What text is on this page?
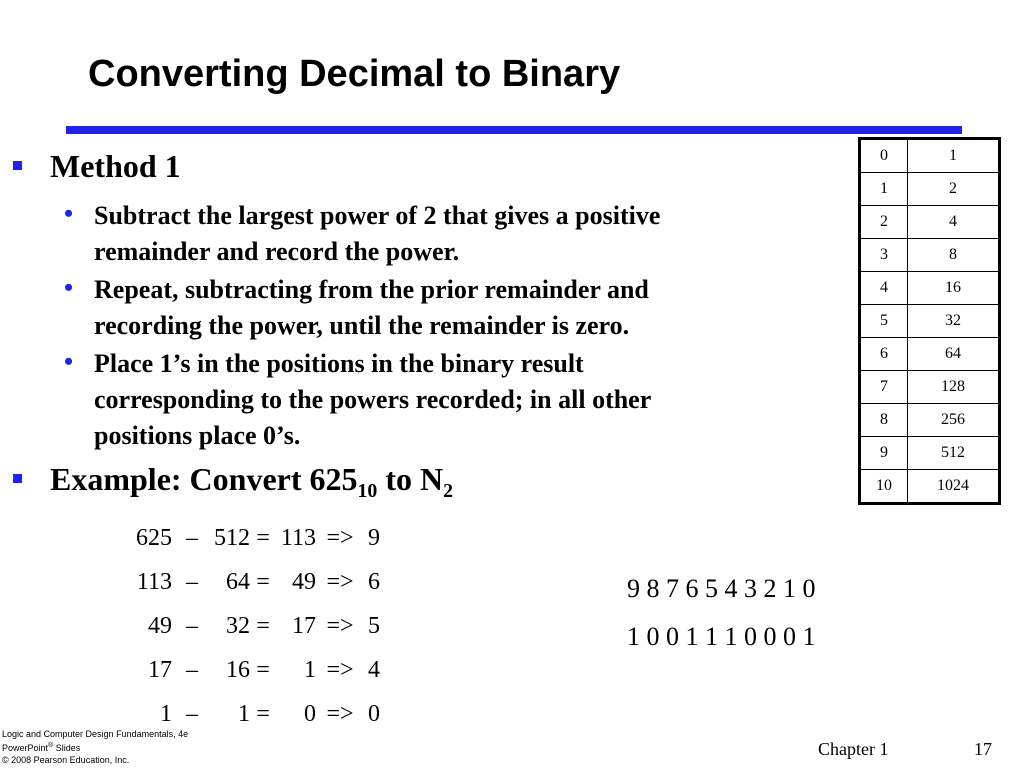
Converting Decimal to Binary
Method 1
• Subtract the largest power of 2 that gives a positive
remainder and record the power.
• Repeat, subtracting from the prior remainder and
recording the power, until the remainder is zero.
• Place 1’s in the positions in the binary result
corresponding to the powers recorded; in all other
positions place 0’s.
Example: Convert $625_{10}$ to $N_2$
0	1
1	2
2	4
3	8
4	16
5	32
6	64
7	128
8	256
9	512
10	1024
625 – 512 = 113 => 9
113 –	64 = 49 => 6
49 –	32 = 17 => 5
17 –	16 =	1 => 4
1 –	1 =	0 => 0
9 8 7 6 5 4 3 2 1 0
1 0 0 1 1 1 0 0 0 1
Logic and Computer Design Fundamentals, 4e
PowerPoint® Slides
© 2008 Pearson Education, Inc.
Chapter 1	17
